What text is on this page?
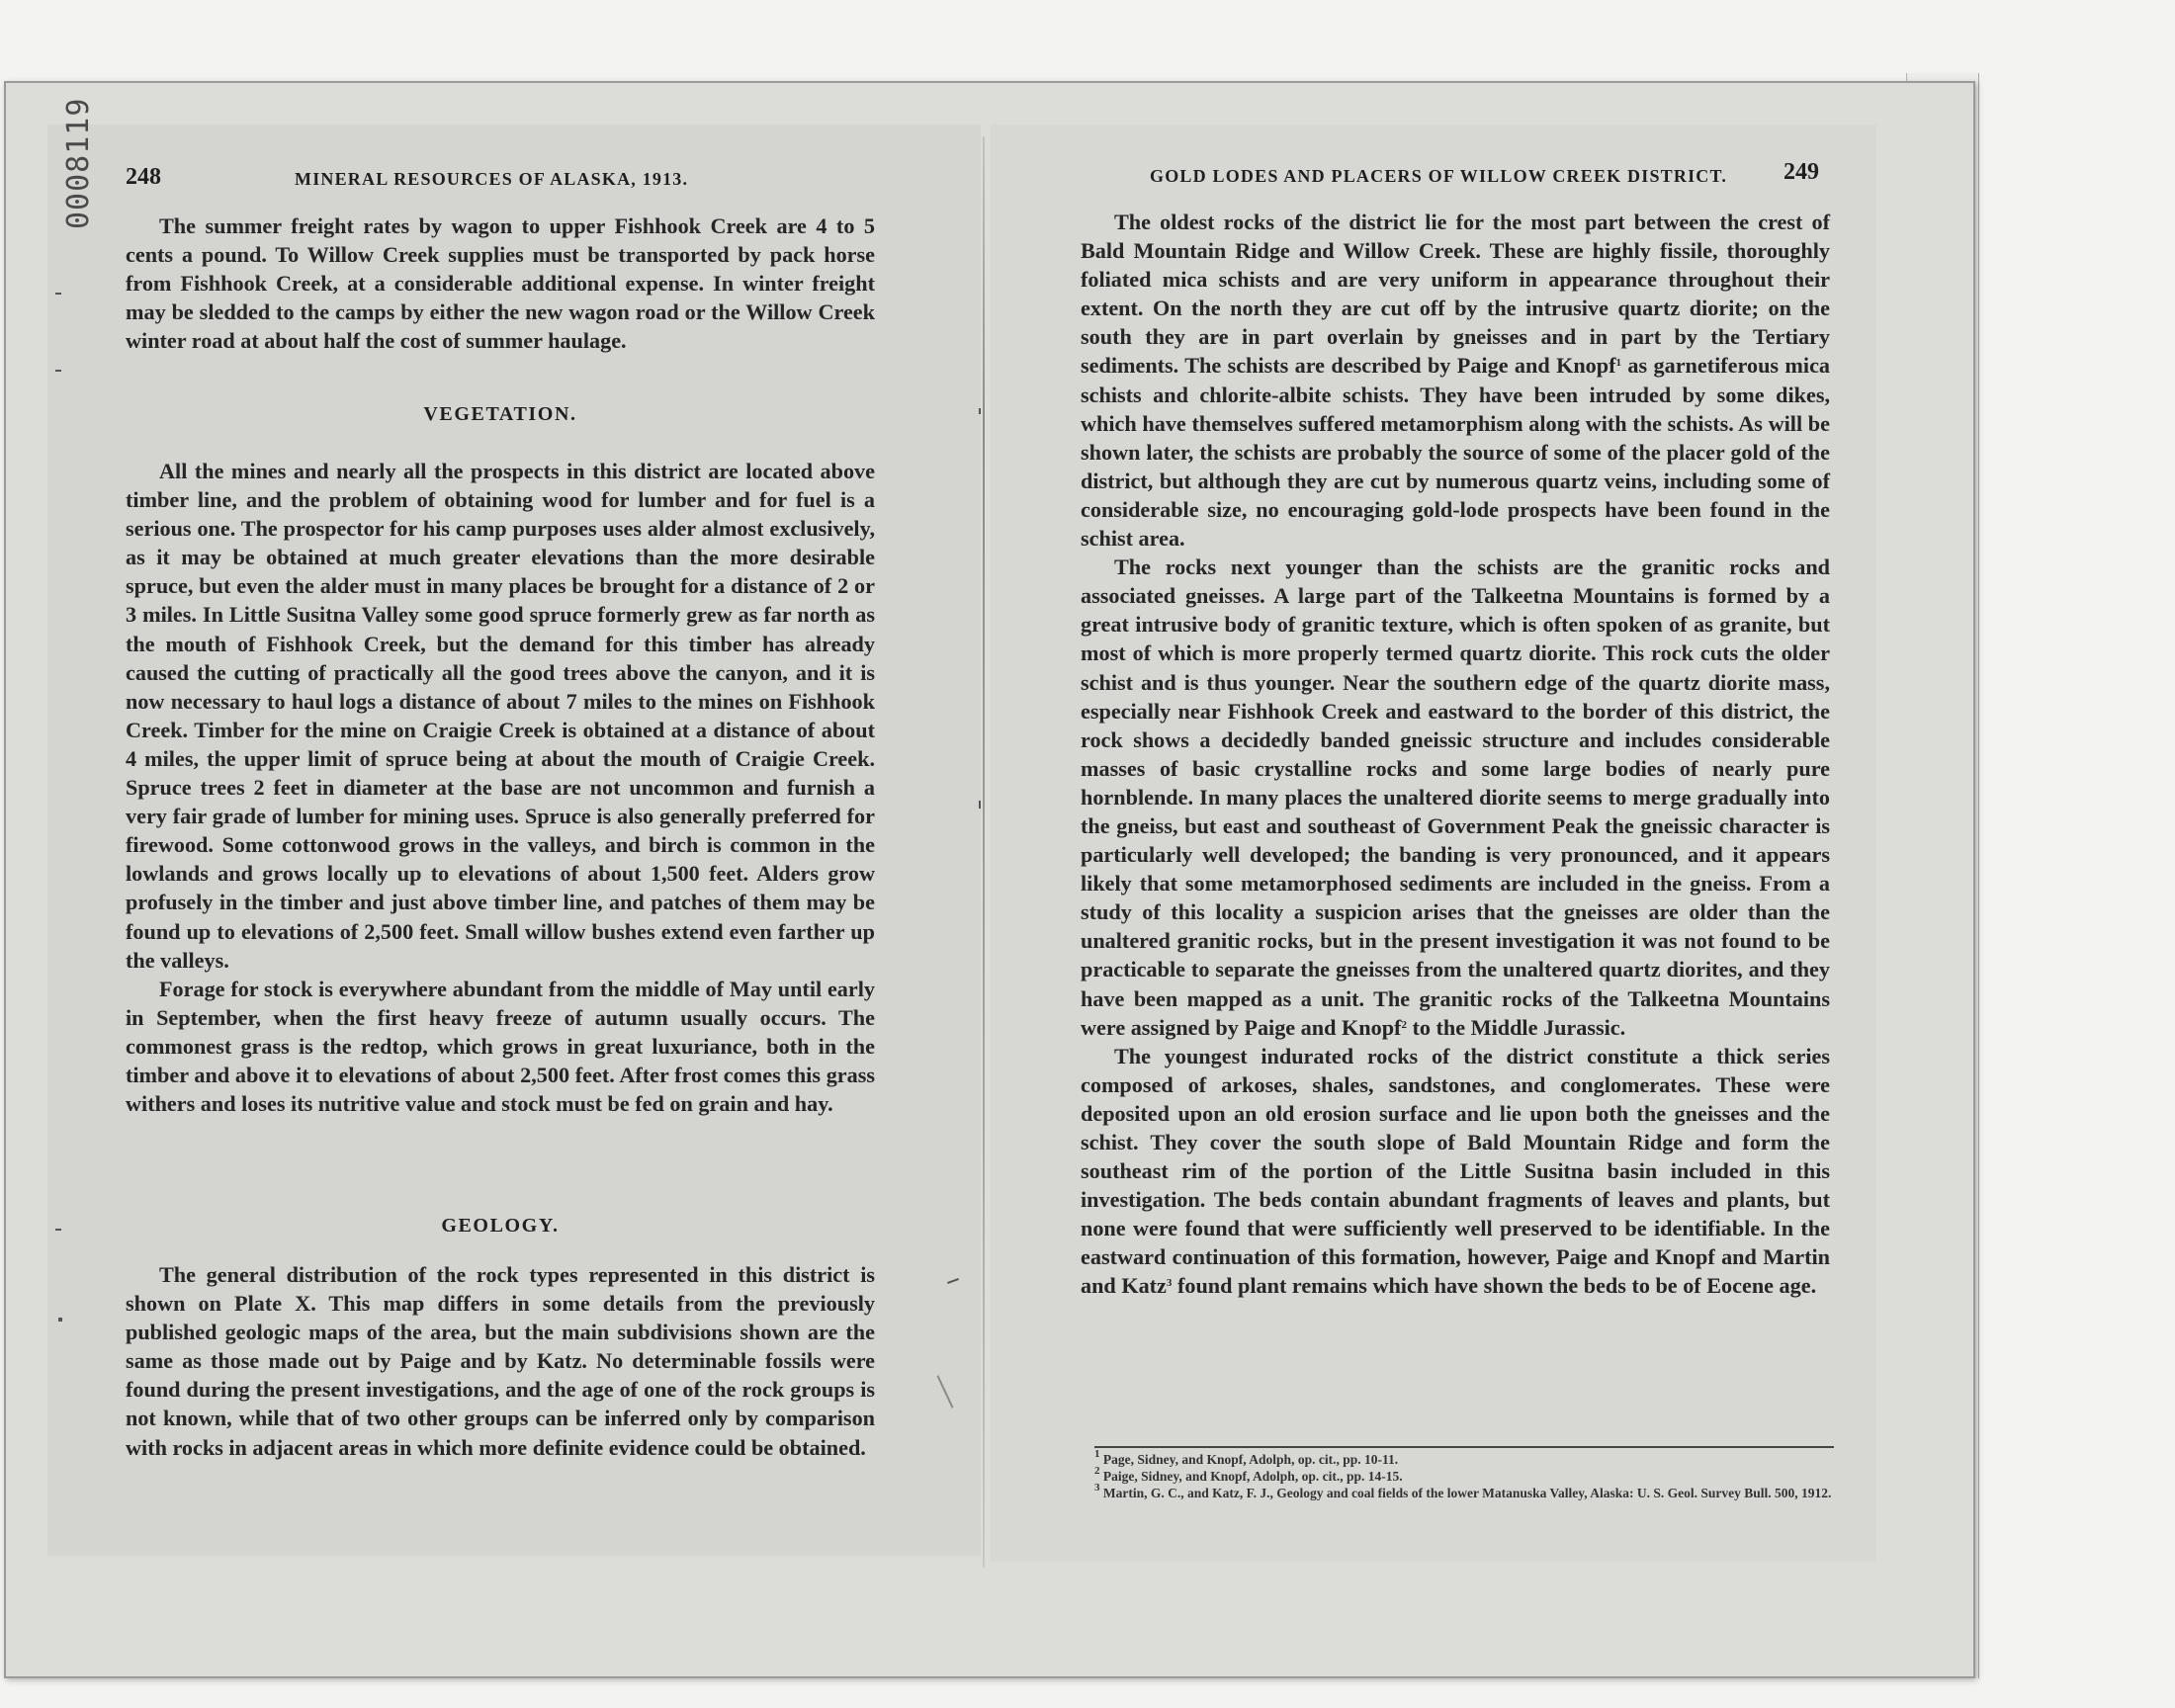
248	MINERAL RESOURCES OF ALASKA, 1913.
0008119	The summer freight rates by wagon to upper Fishhook Creek are 4 to 5 cents a pound. To Willow Creek supplies must be transported by pack horse from Fishhook Creek, at a considerable additional expense. In winter freight may be sledded to the camps by either the new wagon road or the Willow Creek winter road at about half the cost of summer haulage.

VEGETATION.

All the mines and nearly all the prospects in this district are located above timber line, and the problem of obtaining wood for lumber and for fuel is a serious one. The prospector for his camp purposes uses alder almost exclusively, as it may be obtained at much greater elevations than the more desirable spruce, but even the alder must in many places be brought for a distance of 2 or 3 miles. In Little Susitna Valley some good spruce formerly grew as far north as the mouth of Fishhook Creek, but the demand for this timber has already caused the cutting of practically all the good trees above the canyon, and it is now necessary to haul logs a distance of about 7 miles to the mines on Fishhook Creek. Timber for the mine on Craigie Creek is obtained at a distance of about 4 miles, the upper limit of spruce being at about the mouth of Craigie Creek. Spruce trees 2 feet in diameter at the base are not uncommon and furnish a very fair grade of lumber for mining uses. Spruce is also generally preferred for firewood. Some cottonwood grows in the valleys, and birch is common in the lowlands and grows locally up to elevations of about 1,500 feet. Alders grow profusely in the timber and just above timber line, and patches of them may be found up to elevations of 2,500 feet. Small willow bushes extend even farther up the valleys.

Forage for stock is everywhere abundant from the middle of May until early in September, when the first heavy freeze of autumn usually occurs. The commonest grass is the redtop, which grows in great luxuriance, both in the timber and above it to elevations of about 2,500 feet. After frost comes this grass withers and loses its nutritive value and stock must be fed on grain and hay.

GEOLOGY.

The general distribution of the rock types represented in this district is shown on Plate X. This map differs in some details from the previously published geologic maps of the area, but the main subdivisions shown are the same as those made out by Paige and by Katz. No determinable fossils were found during the present investigations, and the age of one of the rock groups is not known, while that of two other groups can be inferred only by comparison with rocks in adjacent areas in which more definite evidence could be obtained.

GOLD LODES AND PLACERS OF WILLOW CREEK DISTRICT. 249

The oldest rocks of the district lie for the most part between the crest of Bald Mountain Ridge and Willow Creek. These are highly fissile, thoroughly foliated mica schists and are very uniform in appearance throughout their extent. On the north they are cut off by the intrusive quartz diorite; on the south they are in part overlain by gneisses and in part by the Tertiary sediments. The schists are described by Paige and Knopf$^1$ as garnetiferous mica schists and chlorite-albite schists. They have been intruded by some dikes, which have themselves suffered metamorphism along with the schists. As will be shown later, the schists are probably the source of some of the placer gold of the district, but although they are cut by numerous quartz veins, including some of considerable size, no encouraging gold-lode prospects have been found in the schist area.

The rocks next younger than the schists are the granitic rocks and associated gneisses. A large part of the Talkeetna Mountains is formed by a great intrusive body of granitic texture, which is often spoken of as granite, but most of which is more properly termed quartz diorite. This rock cuts the older schist and is thus younger. Near the southern edge of the quartz diorite mass, especially near Fishhook Creek and eastward to the border of this district, the rock shows a decidedly banded gneissic structure and includes considerable masses of basic crystalline rocks and some large bodies of nearly pure hornblende. In many places the unaltered diorite seems to merge gradually into the gneiss, but east and southeast of Government Peak the gneissic character is particularly well developed; the banding is very pronounced, and it appears likely that some metamorphosed sediments are included in the gneiss. From a study of this locality a suspicion arises that the gneisses are older than the unaltered granitic rocks, but in the present investigation it was not found to be practicable to separate the gneisses from the unaltered quartz diorites, and they have been mapped as a unit. The granitic rocks of the Talkeetna Mountains were assigned by Paige and Knopf$^2$ to the Middle Jurassic.

The youngest indurated rocks of the district constitute a thick series composed of arkoses, shales, sandstones, and conglomerates. These were deposited upon an old erosion surface and lie upon both the gneisses and the schist. They cover the south slope of Bald Mountain Ridge and form the southeast rim of the portion of the Little Susitna basin included in this investigation. The beds contain abundant fragments of leaves and plants, but none were found that were sufficiently well preserved to be identifiable. In the eastward continuation of this formation, however, Paige and Knopf and Martin and Katz$^3$ found plant remains which have shown the beds to be of Eocene age.

$^1$ Page, Sidney, and Knopf, Adolph, op. cit., pp. 10-11.
$^2$ Paige, Sidney, and Knopf, Adolph, op. cit., pp. 14-15.
$^3$ Martin, G. C., and Katz, F. J., Geology and coal fields of the lower Matanuska Valley, Alaska: U. S. Geol. Survey Bull. 500, 1912.
